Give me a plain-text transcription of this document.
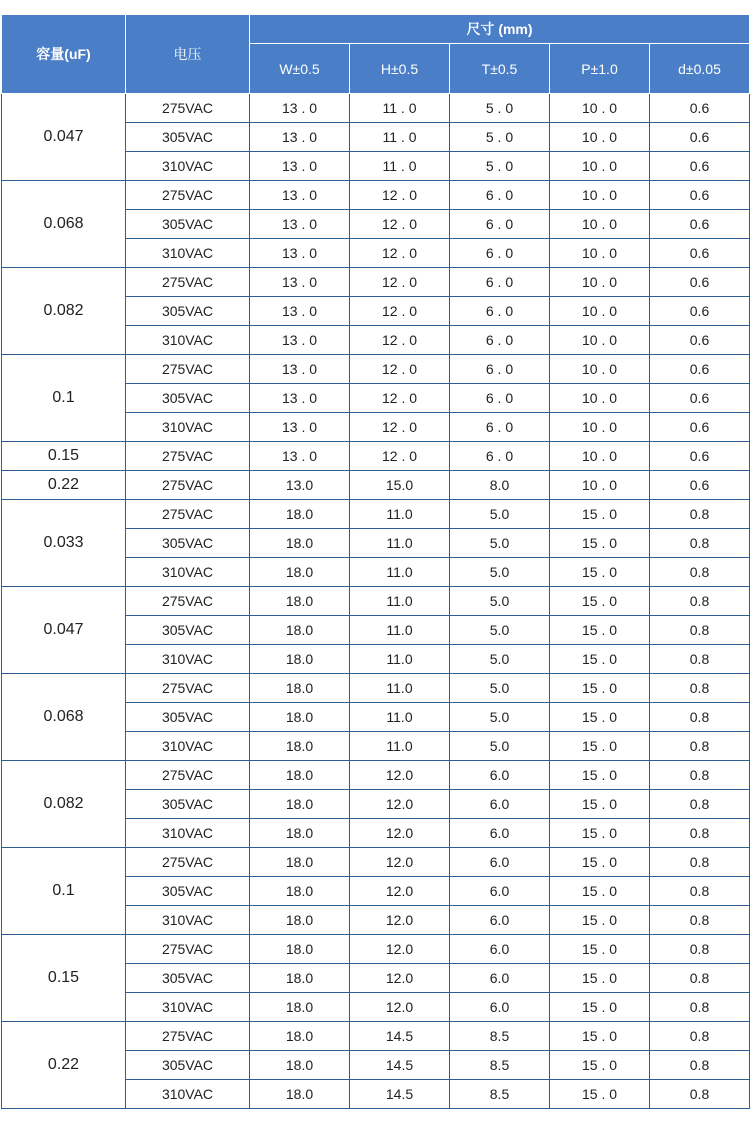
容量(uF)	电压	尺寸 (mm)				
		W±0.5	H±0.5	T±0.5	P±1.0	d±0.05
0.047	275VAC	13 . 0	11 . 0	5 . 0	10 . 0	0.6
	305VAC	13 . 0	11 . 0	5 . 0	10 . 0	0.6
	310VAC	13 . 0	11 . 0	5 . 0	10 . 0	0.6
0.068	275VAC	13 . 0	12 . 0	6 . 0	10 . 0	0.6
	305VAC	13 . 0	12 . 0	6 . 0	10 . 0	0.6
	310VAC	13 . 0	12 . 0	6 . 0	10 . 0	0.6
0.082	275VAC	13 . 0	12 . 0	6 . 0	10 . 0	0.6
	305VAC	13 . 0	12 . 0	6 . 0	10 . 0	0.6
	310VAC	13 . 0	12 . 0	6 . 0	10 . 0	0.6
0.1	275VAC	13 . 0	12 . 0	6 . 0	10 . 0	0.6
	305VAC	13 . 0	12 . 0	6 . 0	10 . 0	0.6
	310VAC	13 . 0	12 . 0	6 . 0	10 . 0	0.6
0.15	275VAC	13 . 0	12 . 0	6 . 0	10 . 0	0.6
0.22	275VAC	13.0	15.0	8.0	10 . 0	0.6
0.033	275VAC	18.0	11.0	5.0	15 . 0	0.8
	305VAC	18.0	11.0	5.0	15 . 0	0.8
	310VAC	18.0	11.0	5.0	15 . 0	0.8
0.047	275VAC	18.0	11.0	5.0	15 . 0	0.8
	305VAC	18.0	11.0	5.0	15 . 0	0.8
	310VAC	18.0	11.0	5.0	15 . 0	0.8
0.068	275VAC	18.0	11.0	5.0	15 . 0	0.8
	305VAC	18.0	11.0	5.0	15 . 0	0.8
	310VAC	18.0	11.0	5.0	15 . 0	0.8
0.082	275VAC	18.0	12.0	6.0	15 . 0	0.8
	305VAC	18.0	12.0	6.0	15 . 0	0.8
	310VAC	18.0	12.0	6.0	15 . 0	0.8
0.1	275VAC	18.0	12.0	6.0	15 . 0	0.8
	305VAC	18.0	12.0	6.0	15 . 0	0.8
	310VAC	18.0	12.0	6.0	15 . 0	0.8
0.15	275VAC	18.0	12.0	6.0	15 . 0	0.8
	305VAC	18.0	12.0	6.0	15 . 0	0.8
	310VAC	18.0	12.0	6.0	15 . 0	0.8
0.22	275VAC	18.0	14.5	8.5	15 . 0	0.8
	305VAC	18.0	14.5	8.5	15 . 0	0.8
	310VAC	18.0	14.5	8.5	15 . 0	0.8
